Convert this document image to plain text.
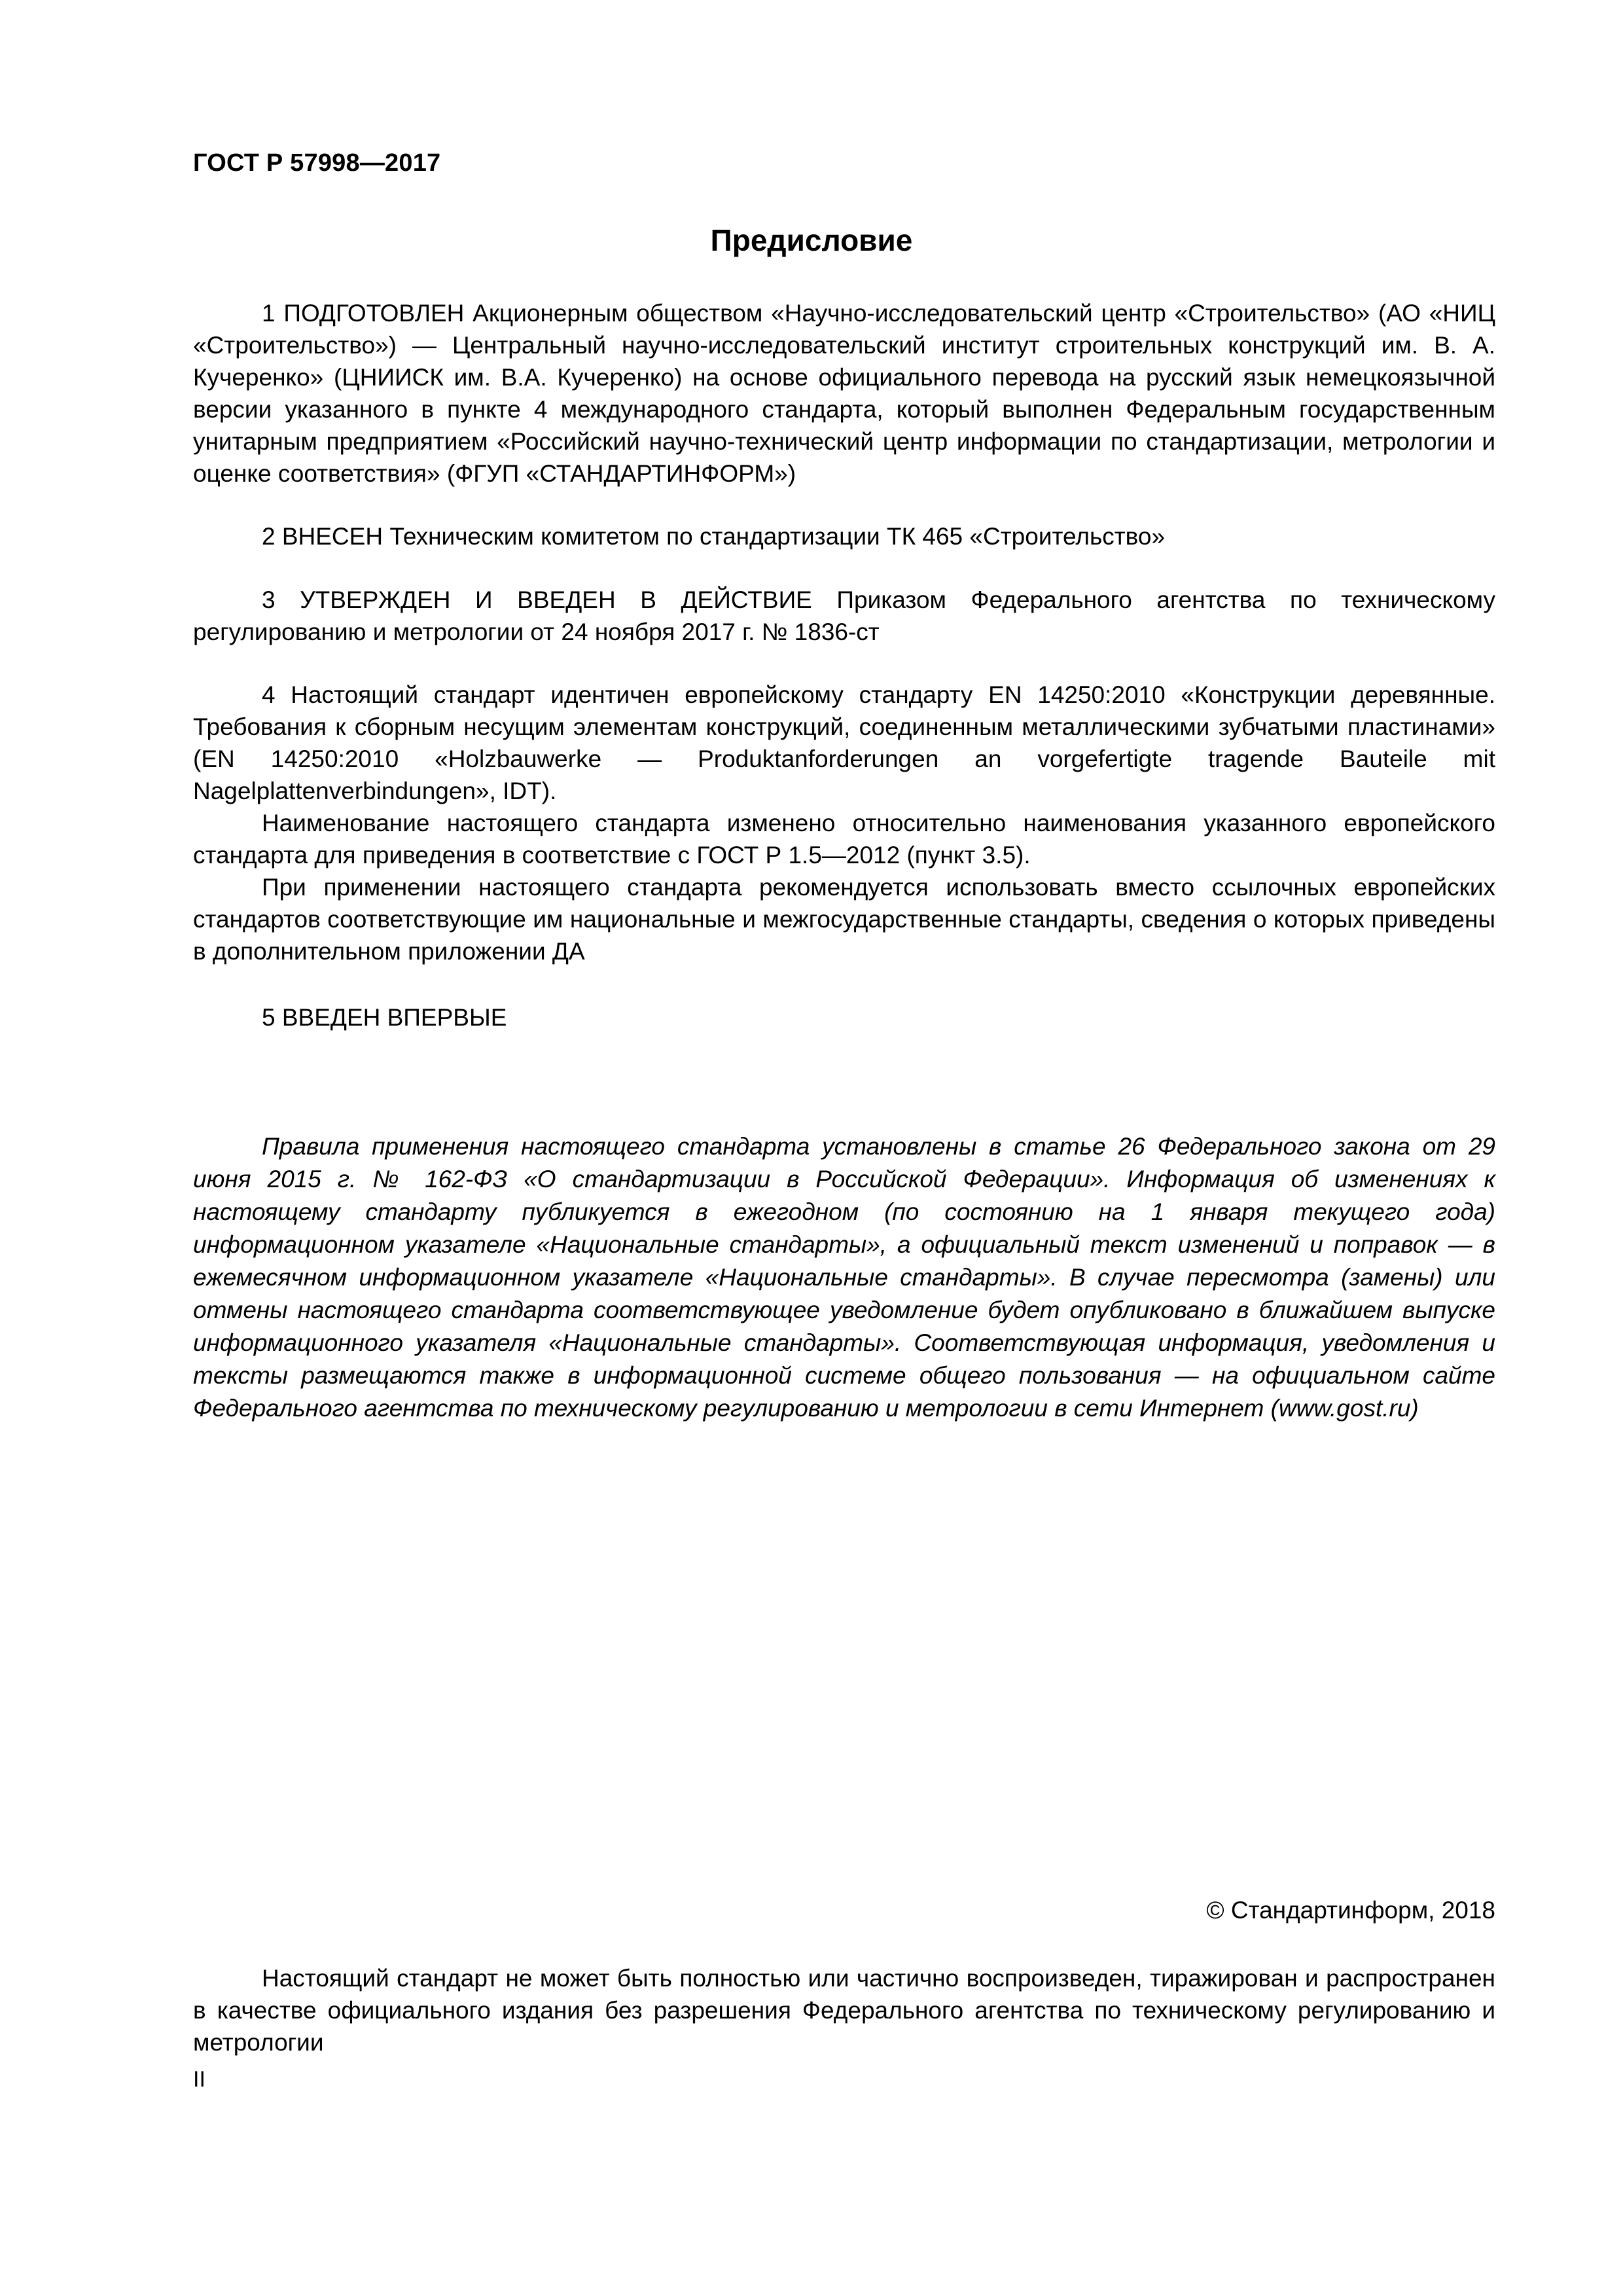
ГОСТ Р 57998—2017
Предисловие

1 ПОДГОТОВЛЕН Акционерным обществом «Научно-исследовательский центр «Строительство» (АО «НИЦ «Строительство») — Центральный научно-исследовательский институт строительных конструкций им. В. А. Кучеренко» (ЦНИИСК им. В.А. Кучеренко) на основе официального перевода на русский язык немецкоязычной версии указанного в пункте 4 международного стандарта, который выполнен Федеральным государственным унитарным предприятием «Российский научно-технический центр информации по стандартизации, метрологии и оценке соответствия» (ФГУП «СТАНДАРТИНФОРМ»)

2 ВНЕСЕН Техническим комитетом по стандартизации ТК 465 «Строительство»

3 УТВЕРЖДЕН И ВВЕДЕН В ДЕЙСТВИЕ Приказом Федерального агентства по техническому регулированию и метрологии от 24 ноября 2017 г. № 1836-ст

4 Настоящий стандарт идентичен европейскому стандарту EN 14250:2010 «Конструкции деревянные. Требования к сборным несущим элементам конструкций, соединенным металлическими зубчатыми пластинами» (EN 14250:2010 «Holzbauwerke — Produktanforderungen an vorgefertigte tragende Bauteile mit Nagelplattenverbindungen», IDT).

Наименование настоящего стандарта изменено относительно наименования указанного европейского стандарта для приведения в соответствие с ГОСТ Р 1.5—2012 (пункт 3.5).

При применении настоящего стандарта рекомендуется использовать вместо ссылочных европейских стандартов соответствующие им национальные и межгосударственные стандарты, сведения о которых приведены в дополнительном приложении ДА

5 ВВЕДЕН ВПЕРВЫЕ

Правила применения настоящего стандарта установлены в статье 26 Федерального закона от 29 июня 2015 г. № 162-ФЗ «О стандартизации в Российской Федерации». Информация об изменениях к настоящему стандарту публикуется в ежегодном (по состоянию на 1 января текущего года) информационном указателе «Национальные стандарты», а официальный текст изменений и поправок — в ежемесячном информационном указателе «Национальные стандарты». В случае пересмотра (замены) или отмены настоящего стандарта соответствующее уведомление будет опубликовано в ближайшем выпуске информационного указателя «Национальные стандарты». Соответствующая информация, уведомления и тексты размещаются также в информационной системе общего пользования — на официальном сайте Федерального агентства по техническому регулированию и метрологии в сети Интернет (www.gost.ru)

© Стандартинформ, 2018

Настоящий стандарт не может быть полностью или частично воспроизведен, тиражирован и распространен в качестве официального издания без разрешения Федерального агентства по техническому регулированию и метрологии

II
